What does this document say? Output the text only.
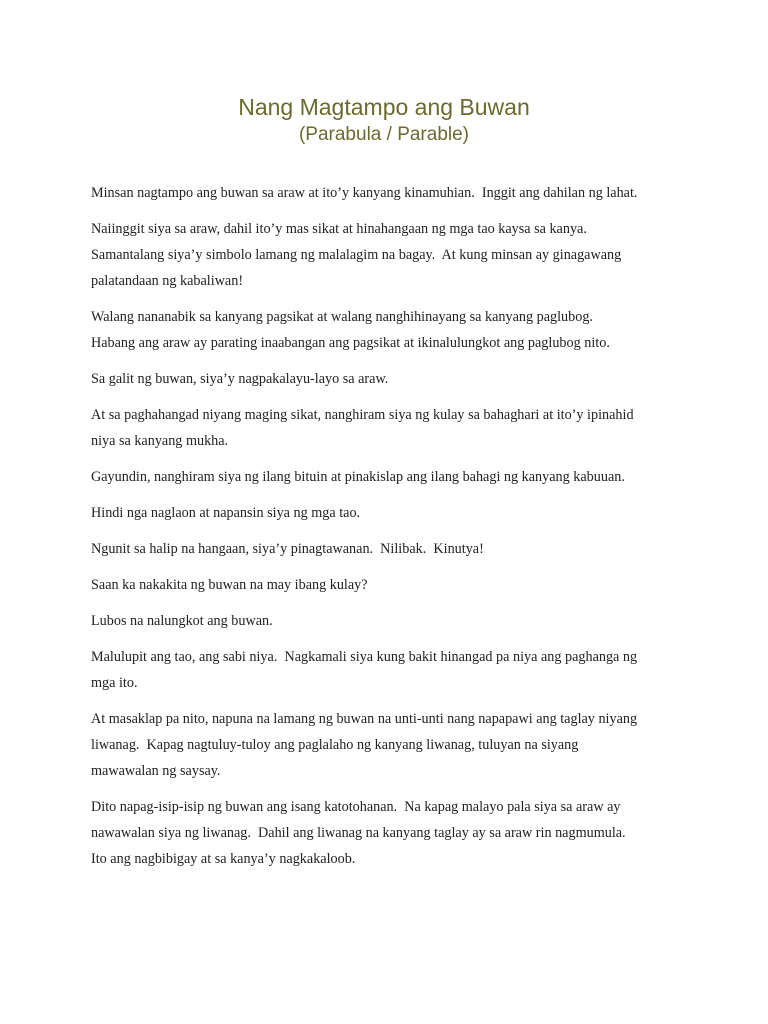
Nang Magtampo ang Buwan
(Parabula / Parable)

Minsan nagtampo ang buwan sa araw at ito’y kanyang kinamuhian.  Inggit ang dahilan ng lahat.

Naiinggit siya sa araw, dahil ito’y mas sikat at hinahangaan ng mga tao kaysa sa kanya.
Samantalang siya’y simbolo lamang ng malalagim na bagay.  At kung minsan ay ginagawang
palatandaan ng kabaliwan!

Walang nananabik sa kanyang pagsikat at walang nanghihinayang sa kanyang paglubog.
Habang ang araw ay parating inaabangan ang pagsikat at ikinalulungkot ang paglubog nito.

Sa galit ng buwan, siya’y nagpakalayu-layo sa araw.

At sa paghahangad niyang maging sikat, nanghiram siya ng kulay sa bahaghari at ito’y ipinahid
niya sa kanyang mukha.

Gayundin, nanghiram siya ng ilang bituin at pinakislap ang ilang bahagi ng kanyang kabuuan.

Hindi nga naglaon at napansin siya ng mga tao.

Ngunit sa halip na hangaan, siya’y pinagtawanan.  Nilibak.  Kinutya!

Saan ka nakakita ng buwan na may ibang kulay?

Lubos na nalungkot ang buwan.

Malulupit ang tao, ang sabi niya.  Nagkamali siya kung bakit hinangad pa niya ang paghanga ng
mga ito.

At masaklap pa nito, napuna na lamang ng buwan na unti-unti nang napapawi ang taglay niyang
liwanag.  Kapag nagtuluy-tuloy ang paglalaho ng kanyang liwanag, tuluyan na siyang
mawawalan ng saysay.

Dito napag-isip-isip ng buwan ang isang katotohanan.  Na kapag malayo pala siya sa araw ay
nawawalan siya ng liwanag.  Dahil ang liwanag na kanyang taglay ay sa araw rin nagmumula.
Ito ang nagbibigay at sa kanya’y nagkakaloob.
